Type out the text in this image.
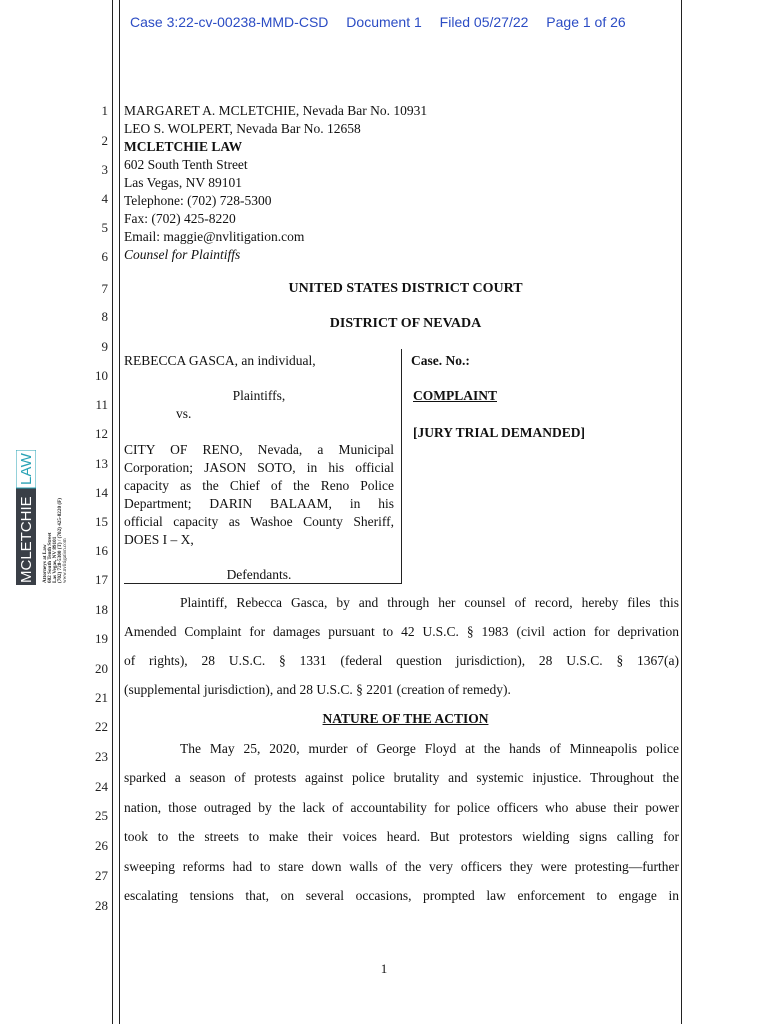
Case 3:22-cv-00238-MMD-CSD Document 1 Filed 05/27/22 Page 1 of 26
1
2
3
4
5
6
7
8
9
10
11
12
13
14
15
16
17
18
19
20
21
22
23
24
25
26
27
28
MARGARET A. MCLETCHIE, Nevada Bar No. 10931
LEO S. WOLPERT, Nevada Bar No. 12658
MCLETCHIE LAW
602 South Tenth Street
Las Vegas, NV 89101
Telephone: (702) 728-5300
Fax: (702) 425-8220
Email: maggie@nvlitigation.com
Counsel for Plaintiffs
UNITED STATES DISTRICT COURT
DISTRICT OF NEVADA
REBECCA GASCA, an individual,
Plaintiffs,
vs.
CITY OF RENO, Nevada, a Municipal
Corporation; JASON SOTO, in his official
capacity as the Chief of the Reno Police
Department; DARIN BALAAM, in his
official capacity as Washoe County Sheriff,
DOES I – X,
Defendants.
Case. No.:
COMPLAINT
[JURY TRIAL DEMANDED]
Plaintiff, Rebecca Gasca, by and through her counsel of record, hereby files this
Amended Complaint for damages pursuant to 42 U.S.C. § 1983 (civil action for deprivation
of rights), 28 U.S.C. § 1331 (federal question jurisdiction), 28 U.S.C. § 1367(a)
(supplemental jurisdiction), and 28 U.S.C. § 2201 (creation of remedy).
NATURE OF THE ACTION
The May 25, 2020, murder of George Floyd at the hands of Minneapolis police
sparked a season of protests against police brutality and systemic injustice. Throughout the
nation, those outraged by the lack of accountability for police officers who abuse their power
took to the streets to make their voices heard. But protestors wielding signs calling for
sweeping reforms had to stare down walls of the very officers they were protesting—further
escalating tensions that, on several occasions, prompted law enforcement to engage in
MCLETCHIE
LAW
Attorneys at Law 602 South Tenth Street Las Vegas, NV 89101 (702) 728-5300 (T) / (702) 425-8220 (F) www.nvlitigation.com
1
